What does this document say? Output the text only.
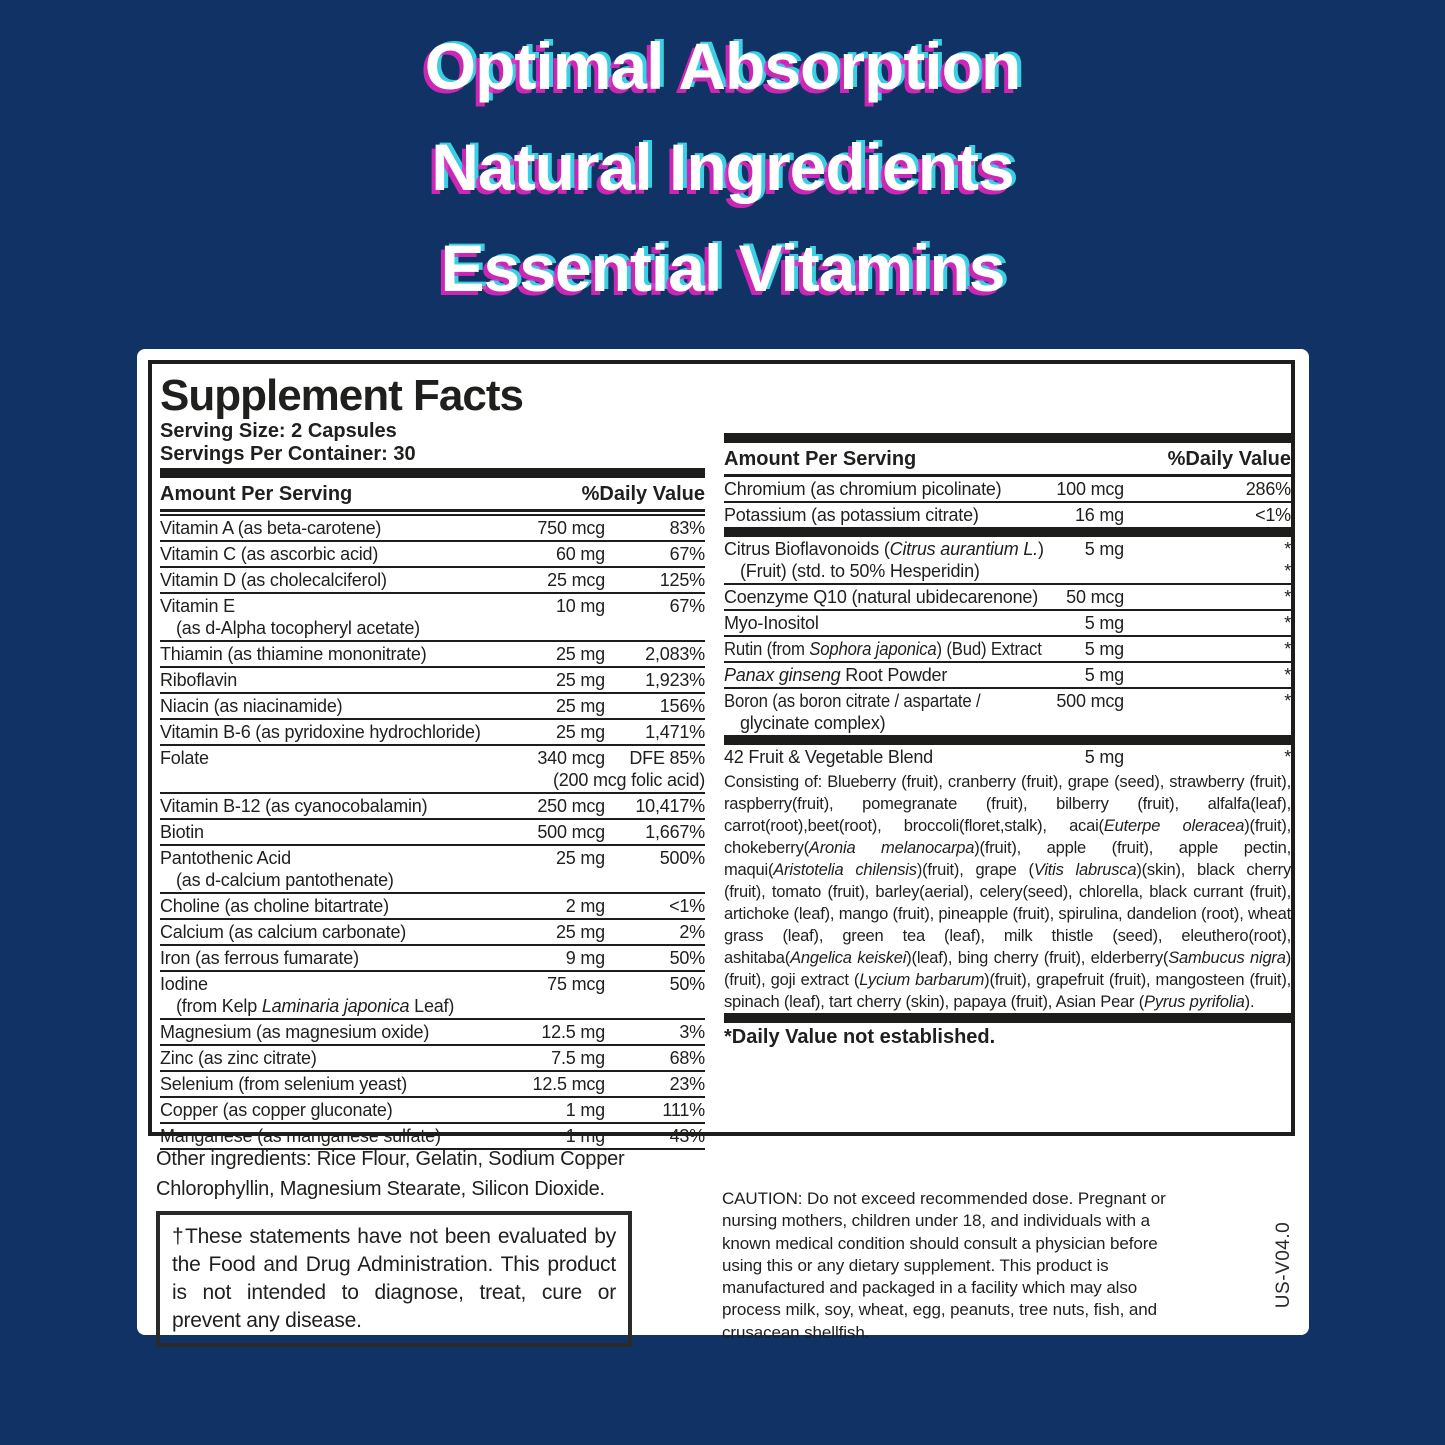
Optimal Absorption
Natural Ingredients
Essential Vitamins
Supplement Facts
Serving Size: 2 Capsules
Servings Per Container: 30
Amount Per Serving	%Daily Value
Vitamin A (as beta-carotene)	750 mcg	83%
Vitamin C (as ascorbic acid)	60 mg	67%
Vitamin D (as cholecalciferol)	25 mcg	125%
Vitamin E	10 mg	67%
(as d-Alpha tocopheryl acetate)
Thiamin (as thiamine mononitrate)	25 mg	2,083%
Riboflavin	25 mg	1,923%
Niacin (as niacinamide)	25 mg	156%
Vitamin B-6 (as pyridoxine hydrochloride)	25 mg	1,471%
Folate	340 mcg	DFE 85%
(200 mcg folic acid)
Vitamin B-12 (as cyanocobalamin)	250 mcg	10,417%
Biotin	500 mcg	1,667%
Pantothenic Acid	25 mg	500%
(as d-calcium pantothenate)
Choline (as choline bitartrate)	2 mg	<1%
Calcium (as calcium carbonate)	25 mg	2%
Iron (as ferrous fumarate)	9 mg	50%
Iodine	75 mcg	50%
(from Kelp Laminaria japonica Leaf)
Magnesium (as magnesium oxide)	12.5 mg	3%
Zinc (as zinc citrate)	7.5 mg	68%
Selenium (from selenium yeast)	12.5 mcg	23%
Copper (as copper gluconate)	1 mg	111%
Manganese (as manganese sulfate)	1 mg	43%
Amount Per Serving	%Daily Value
Chromium (as chromium picolinate)	100 mcg	286%
Potassium (as potassium citrate)	16 mg	<1%
Citrus Bioflavonoids (Citrus aurantium L.)	5 mg	*
(Fruit) (std. to 50% Hesperidin)	*
Coenzyme Q10 (natural ubidecarenone)	50 mcg	*
Myo-Inositol	5 mg	*
Rutin (from Sophora japonica) (Bud) Extract	5 mg	*
Panax ginseng Root Powder	5 mg	*
Boron (as boron citrate / aspartate /	500 mcg	*
glycinate complex)
42 Fruit & Vegetable Blend	5 mg	*
Consisting of: Blueberry (fruit), cranberry (fruit), grape (seed), strawberry (fruit), raspberry(fruit), pomegranate (fruit), bilberry (fruit), alfalfa(leaf), carrot(root),beet(root), broccoli(floret,stalk), acai(Euterpe oleracea)(fruit), chokeberry(Aronia melanocarpa)(fruit), apple (fruit), apple pectin, maqui(Aristotelia chilensis)(fruit), grape (Vitis labrusca)(skin), black cherry (fruit), tomato (fruit), barley(aerial), celery(seed), chlorella, black currant (fruit), artichoke (leaf), mango (fruit), pineapple (fruit), spirulina, dandelion (root), wheat grass (leaf), green tea (leaf), milk thistle (seed), eleuthero(root), ashitaba(Angelica keiskei)(leaf), bing cherry (fruit), elderberry(Sambucus nigra)(fruit), goji extract (Lycium barbarum)(fruit), grapefruit (fruit), mangosteen (fruit), spinach (leaf), tart cherry (skin), papaya (fruit), Asian Pear (Pyrus pyrifolia).
*Daily Value not established.
Other ingredients: Rice Flour, Gelatin, Sodium Copper Chlorophyllin, Magnesium Stearate, Silicon Dioxide.
†These statements have not been evaluated by the Food and Drug Administration. This product is not intended to diagnose, treat, cure or prevent any disease.
CAUTION: Do not exceed recommended dose. Pregnant or nursing mothers, children under 18, and individuals with a known medical condition should consult a physician before using this or any dietary supplement. This product is manufactured and packaged in a facility which may also process milk, soy, wheat, egg, peanuts, tree nuts, fish, and crusacean shellfish.
US-V04.0
